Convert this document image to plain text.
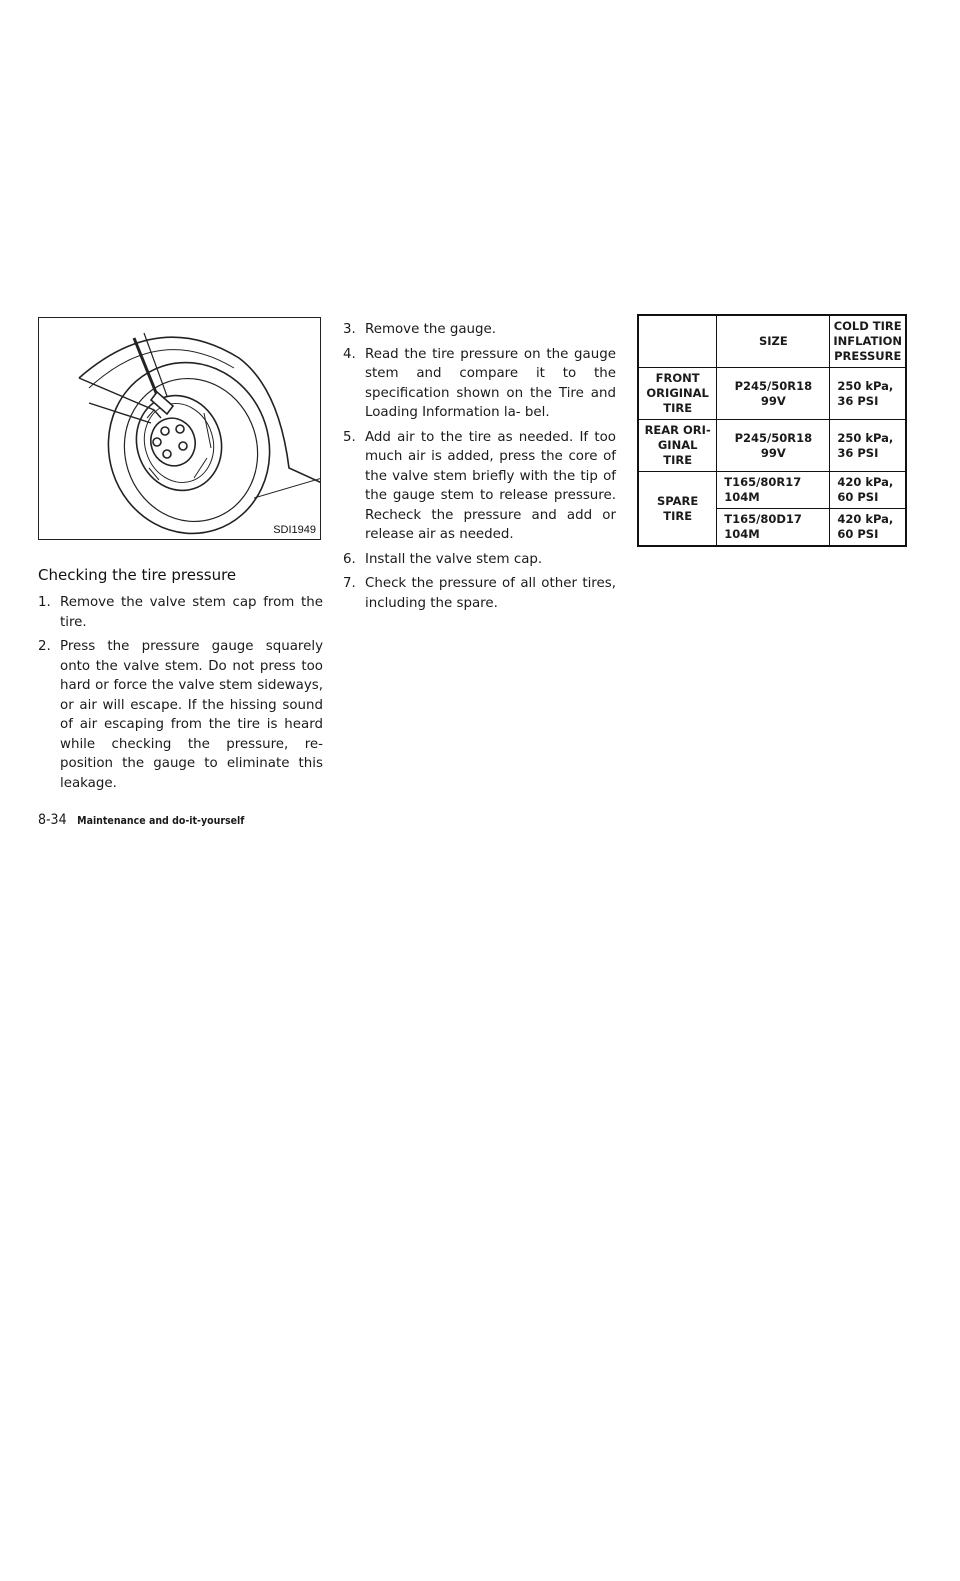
SDI1949
Checking the tire pressure
1. Remove the valve stem cap from the tire.
2. Press the pressure gauge squarely onto the valve stem. Do not press too hard or force the valve stem sideways, or air will escape. If the hissing sound of air escaping from the tire is heard while checking the pressure, re- position the gauge to eliminate this leakage.
3. Remove the gauge.
4. Read the tire pressure on the gauge stem and compare it to the specification shown on the Tire and Loading Information la- bel.
5. Add air to the tire as needed. If too much air is added, press the core of the valve stem briefly with the tip of the gauge stem to release pressure. Recheck the pressure and add or release air as needed.
6. Install the valve stem cap.
7. Check the pressure of all other tires, including the spare.
	SIZE	COLD TIRE INFLATION PRESSURE
FRONT ORIGINAL TIRE	P245/50R18 99V	250 kPa, 36 PSI
REAR ORI- GINAL TIRE	P245/50R18 99V	250 kPa, 36 PSI
SPARE TIRE	T165/80R17 104M	420 kPa, 60 PSI
	T165/80D17 104M	420 kPa, 60 PSI
8-34 Maintenance and do-it-yourself
